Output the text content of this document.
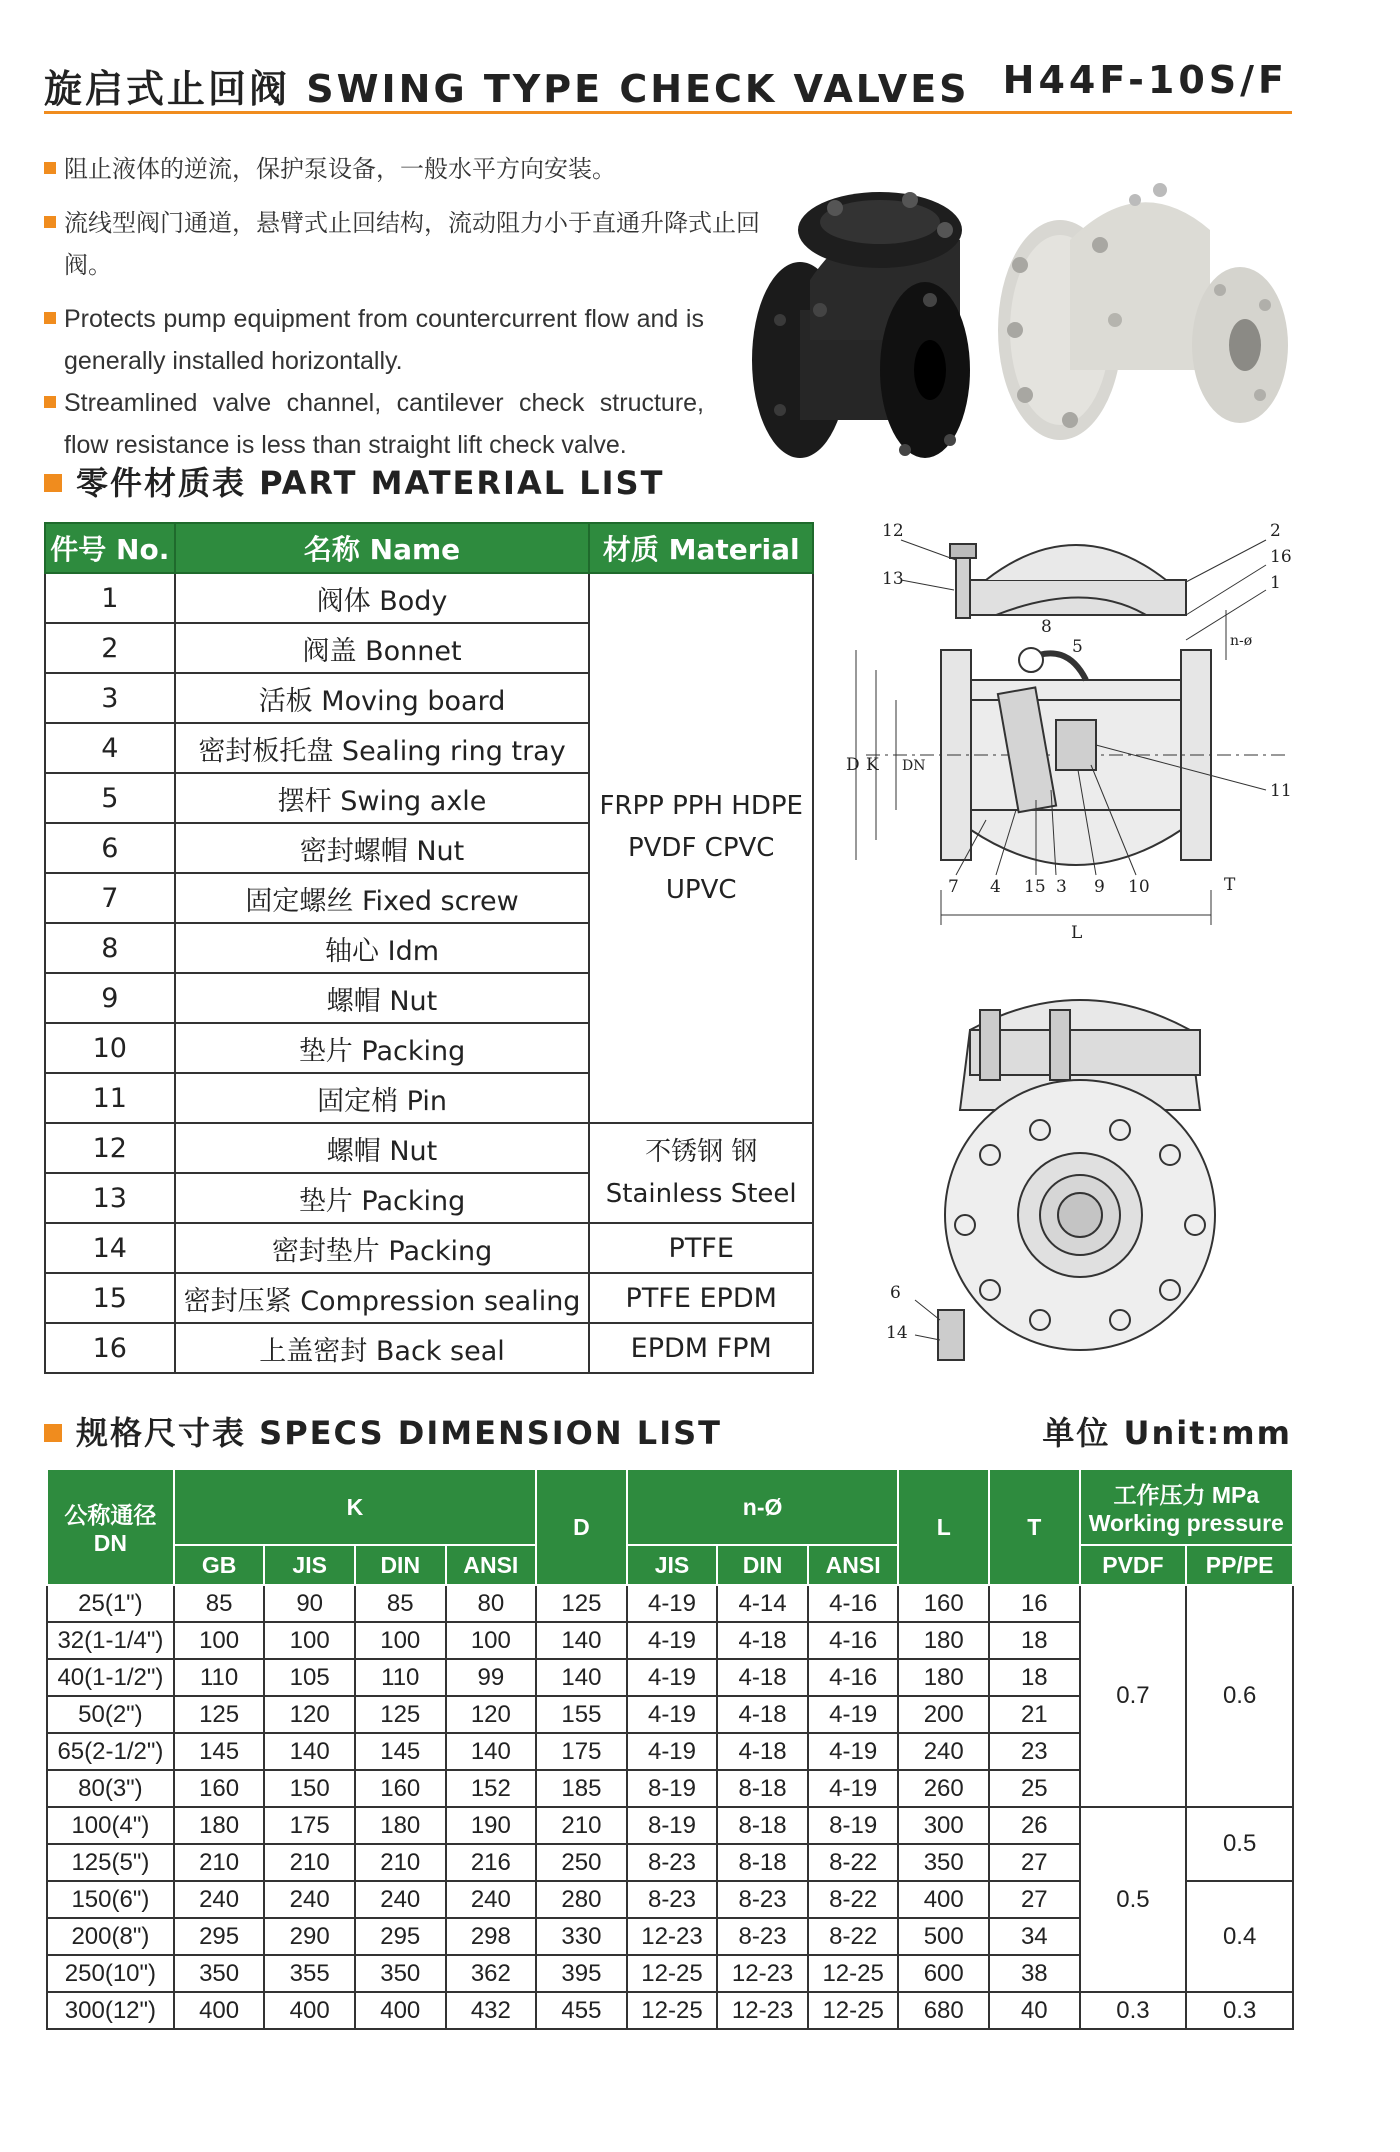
旋启式止回阀 SWING TYPE CHECK VALVES H44F-10S/F
阻止液体的逆流，保护泵设备，一般水平方向安装。
流线型阀门通道，悬臂式止回结构，流动阻力小于直通升降式止回阀。
Protects pump equipment from countercurrent flow and is generally installed horizontally.
Streamlined valve channel, cantilever check structure, flow resistance is less than straight lift check valve.
零件材质表 PART MATERIAL LIST
件号 No.	名称 Name	材质 Material
1	阀体 Body	FRPP PPH HDPE
PVDF CPVC UPVC
2	阀盖 Bonnet	
3	活板 Moving board	
4	密封板托盘 Sealing ring tray	
5	摆杆 Swing axle	
6	密封螺帽 Nut	
7	固定螺丝 Fixed screw	
8	轴心 Idm	
9	螺帽 Nut	
10	垫片 Packing	
11	固定梢 Pin	
12	螺帽 Nut	不锈钢 钢
Stainless Steel
13	垫片 Packing	
14	密封垫片 Packing	PTFE
15	密封压紧 Compression sealing	PTFE EPDM
16	上盖密封 Back seal	EPDM FPM
12
13
2
16
1
n-ø
8
5
D K DN
11
7 4 15 3 9 10	T
L
6
14
规格尺寸表 SPECS DIMENSION LIST	单位 Unit:mm
公称通径
DN	K				D	n-Ø			L	T	工作压力 MPa
Working pressure	
	GB	JIS	DIN	ANSI		JIS	DIN	ANSI			PVDF	PP/PE
25(1")	85	90	85	80	125	4-19	4-14	4-16	160	16	0.7	0.6
32(1-1/4")	100	100	100	100	140	4-19	4-18	4-16	180	18		
40(1-1/2")	110	105	110	99	140	4-19	4-18	4-16	180	18		
50(2")	125	120	125	120	155	4-19	4-18	4-19	200	21		
65(2-1/2")	145	140	145	140	175	4-19	4-18	4-19	240	23		
80(3")	160	150	160	152	185	8-19	8-18	4-19	260	25		
100(4")	180	175	180	190	210	8-19	8-18	8-19	300	26	0.5	0.5
125(5")	210	210	210	216	250	8-23	8-18	8-22	350	27		
150(6")	240	240	240	240	280	8-23	8-23	8-22	400	27		0.4
200(8")	295	290	295	298	330	12-23	8-23	8-22	500	34		
250(10")	350	355	350	362	395	12-25	12-23	12-25	600	38		
300(12")	400	400	400	432	455	12-25	12-23	12-25	680	40	0.3	0.3
